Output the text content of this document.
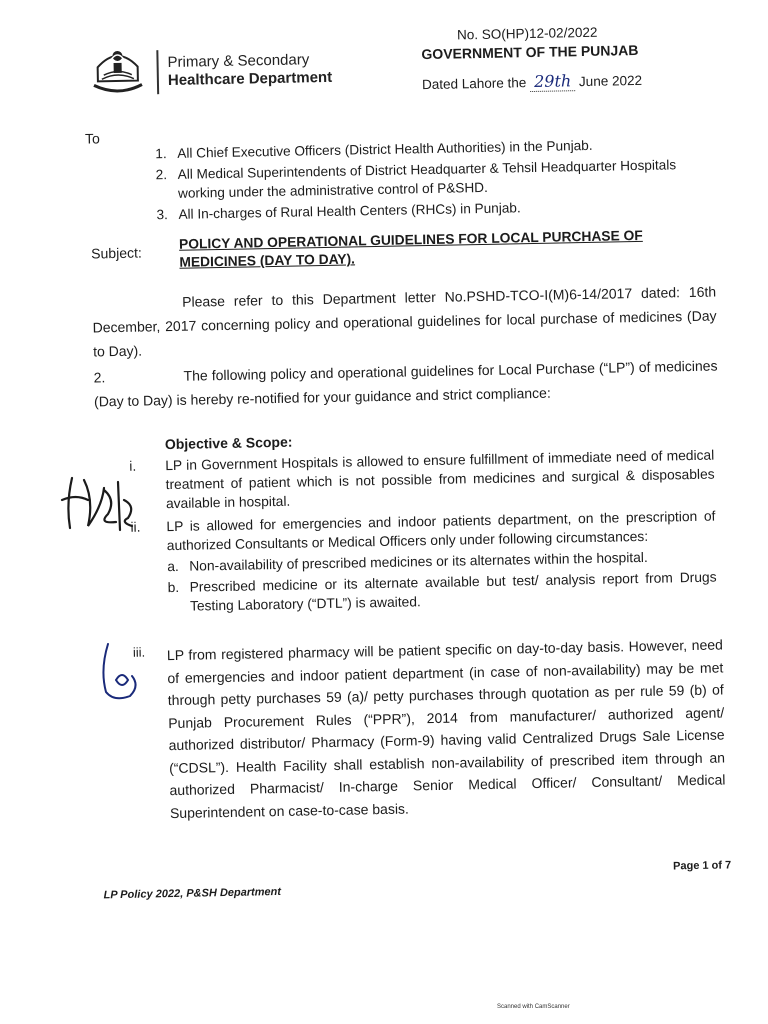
Primary & Secondary
Healthcare Department
No. SO(HP)12-02/2022
GOVERNMENT OF THE PUNJAB
Dated Lahore the 29th June 2022
To
1. All Chief Executive Officers (District Health Authorities) in the Punjab.
2. All Medical Superintendents of District Headquarter & Tehsil Headquarter Hospitals working under the administrative control of P&SHD.
3. All In-charges of Rural Health Centers (RHCs) in Punjab.
Subject:
POLICY AND OPERATIONAL GUIDELINES FOR LOCAL PURCHASE OF MEDICINES (DAY TO DAY).
Please refer to this Department letter No.PSHD-TCO-I(M)6-14/2017 dated: 16th December, 2017 concerning policy and operational guidelines for local purchase of medicines (Day to Day).
2.	The following policy and operational guidelines for Local Purchase (“LP”) of medicines (Day to Day) is hereby re-notified for your guidance and strict compliance:
Objective & Scope:
i.	LP in Government Hospitals is allowed to ensure fulfillment of immediate need of medical treatment of patient which is not possible from medicines and surgical & disposables available in hospital.
ii.	LP is allowed for emergencies and indoor patients department, on the prescription of authorized Consultants or Medical Officers only under following circumstances:
a. Non-availability of prescribed medicines or its alternates within the hospital.
b. Prescribed medicine or its alternate available but test/ analysis report from Drugs Testing Laboratory (“DTL”) is awaited.
iii. LP from registered pharmacy will be patient specific on day-to-day basis. However, need of emergencies and indoor patient department (in case of non-availability) may be met through petty purchases 59 (a)/ petty purchases through quotation as per rule 59 (b) of Punjab Procurement Rules (“PPR”), 2014 from manufacturer/ authorized agent/ authorized distributor/ Pharmacy (Form-9) having valid Centralized Drugs Sale License (“CDSL”). Health Facility shall establish non-availability of prescribed item through an authorized Pharmacist/ In-charge Senior Medical Officer/ Consultant/ Medical Superintendent on case-to-case basis.
LP Policy 2022, P&SH Department
Page 1 of 7
Scanned with CamScanner
